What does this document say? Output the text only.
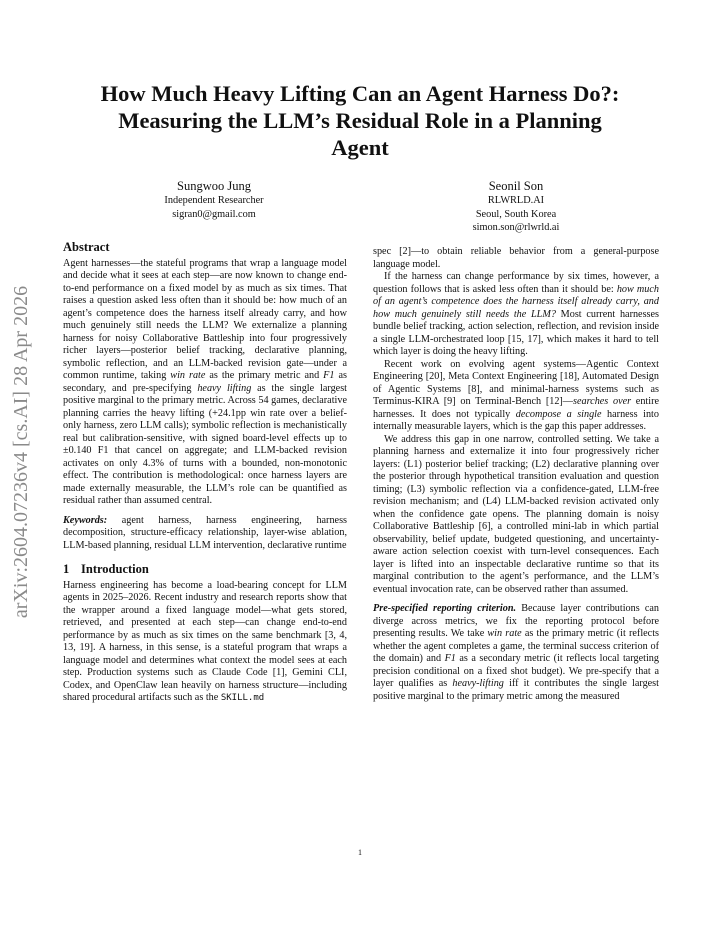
How Much Heavy Lifting Can an Agent Harness Do?:
Measuring the LLM’s Residual Role in a Planning
Agent
Sungwoo Jung
Independent Researcher
sigran0@gmail.com
Seonil Son
RLWRLD.AI
Seoul, South Korea
simon.son@rlwrld.ai
arXiv:2604.07236v4 [cs.AI] 28 Apr 2026
Abstract

Agent harnesses—the stateful programs that wrap a language model and decide what it sees at each step—are now known to change end-to-end performance on a fixed model by as much as six times. That raises a question asked less often than it should be: how much of an agent’s competence does the harness itself already carry, and how much genuinely still needs the LLM? We externalize a planning harness for noisy Collaborative Battleship into four progressively richer layers—posterior belief tracking, declarative planning, symbolic reflection, and an LLM-backed revision gate—under a common runtime, taking win rate as the primary metric and F1 as secondary, and pre-specifying heavy lifting as the single largest positive marginal to the primary metric. Across 54 games, declarative planning carries the heavy lifting (+24.1pp win rate over a belief-only harness, zero LLM calls); symbolic reflection is mechanistically real but calibration-sensitive, with signed board-level effects up to ±0.140 F1 that cancel on aggregate; and LLM-backed revision activates on only 4.3% of turns with a bounded, non-monotonic effect. The contribution is methodological: once harness layers are made externally measurable, the LLM’s role can be quantified as residual rather than assumed central.

Keywords: agent harness, harness engineering, harness decomposition, structure-efficacy relationship, layer-wise ablation, LLM-based planning, residual LLM intervention, declarative runtime

1 Introduction

Harness engineering has become a load-bearing concept for LLM agents in 2025–2026. Recent industry and research reports show that the wrapper around a fixed language model—what gets stored, retrieved, and presented at each step—can change end-to-end performance by as much as six times on the same benchmark [3, 4, 13, 19]. A harness, in this sense, is a stateful program that wraps a language model and determines what context the model sees at each step. Production systems such as Claude Code [1], Gemini CLI, Codex, and OpenClaw lean heavily on harness structure—including shared procedural artifacts such as the SKILL.md

spec [2]—to obtain reliable behavior from a general-purpose language model.

If the harness can change performance by six times, however, a question follows that is asked less often than it should be: how much of an agent’s competence does the harness itself already carry, and how much genuinely still needs the LLM? Most current harnesses bundle belief tracking, action selection, reflection, and revision inside a single LLM-orchestrated loop [15, 17], which makes it hard to tell which layer is doing the heavy lifting.

Recent work on evolving agent systems—Agentic Context Engineering [20], Meta Context Engineering [18], Automated Design of Agentic Systems [8], and minimal-harness systems such as Terminus-KIRA [9] on Terminal-Bench [12]—searches over entire harnesses. It does not typically decompose a single harness into internally measurable layers, which is the gap this paper addresses.

We address this gap in one narrow, controlled setting. We take a planning harness and externalize it into four progressively richer layers: (L1) posterior belief tracking; (L2) declarative planning over the posterior through hypothetical transition evaluation and question timing; (L3) symbolic reflection via a confidence-gated, LLM-free revision mechanism; and (L4) LLM-backed revision activated only when the confidence gate opens. The planning domain is noisy Collaborative Battleship [6], a controlled mini-lab in which partial observability, belief update, budgeted questioning, and uncertainty-aware action selection coexist with turn-level consequences. Each layer is lifted into an inspectable declarative runtime so that its marginal contribution to the agent’s performance, and the LLM’s eventual invocation rate, can be observed rather than assumed.

Pre-specified reporting criterion. Because layer contributions can diverge across metrics, we fix the reporting protocol before presenting results. We take win rate as the primary metric (it reflects whether the agent completes a game, the terminal success criterion of the domain) and F1 as a secondary metric (it reflects local targeting precision conditional on a fixed shot budget). We pre-specify that a layer qualifies as heavy-lifting iff it contributes the single largest positive marginal to the primary metric among the measured

1
